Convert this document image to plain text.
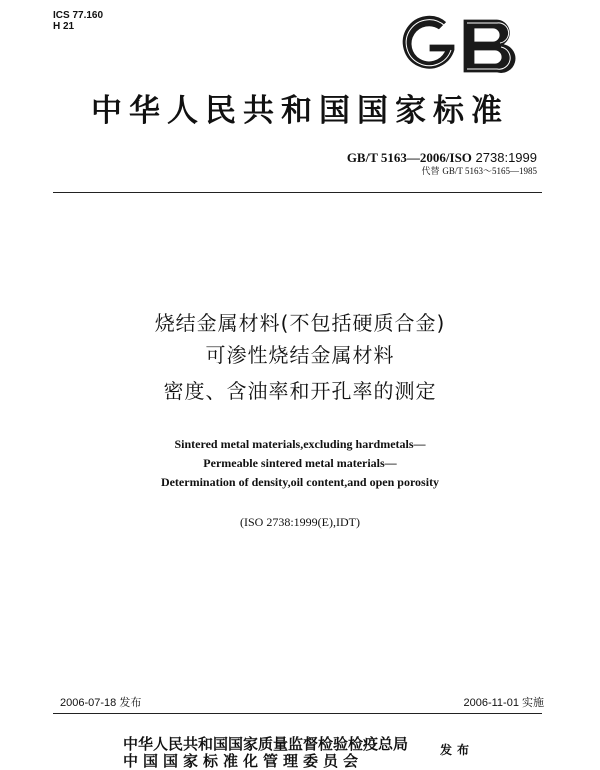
ICS 77.160
H 21
中华人民共和国国家标准
GB/T 5163—2006/ISO 2738:1999
代替 GB/T 5163～5165—1985
烧结金属材料(不包括硬质合金)
可渗性烧结金属材料
密度、含油率和开孔率的测定
Sintered metal materials,excluding hardmetals—
Permeable sintered metal materials—
Determination of density,oil content,and open porosity
(ISO 2738:1999(E),IDT)
2006-07-18 发布	2006-11-01 实施
中华人民共和国国家质量监督检验检疫总局
中国国家标准化管理委员会
发布
